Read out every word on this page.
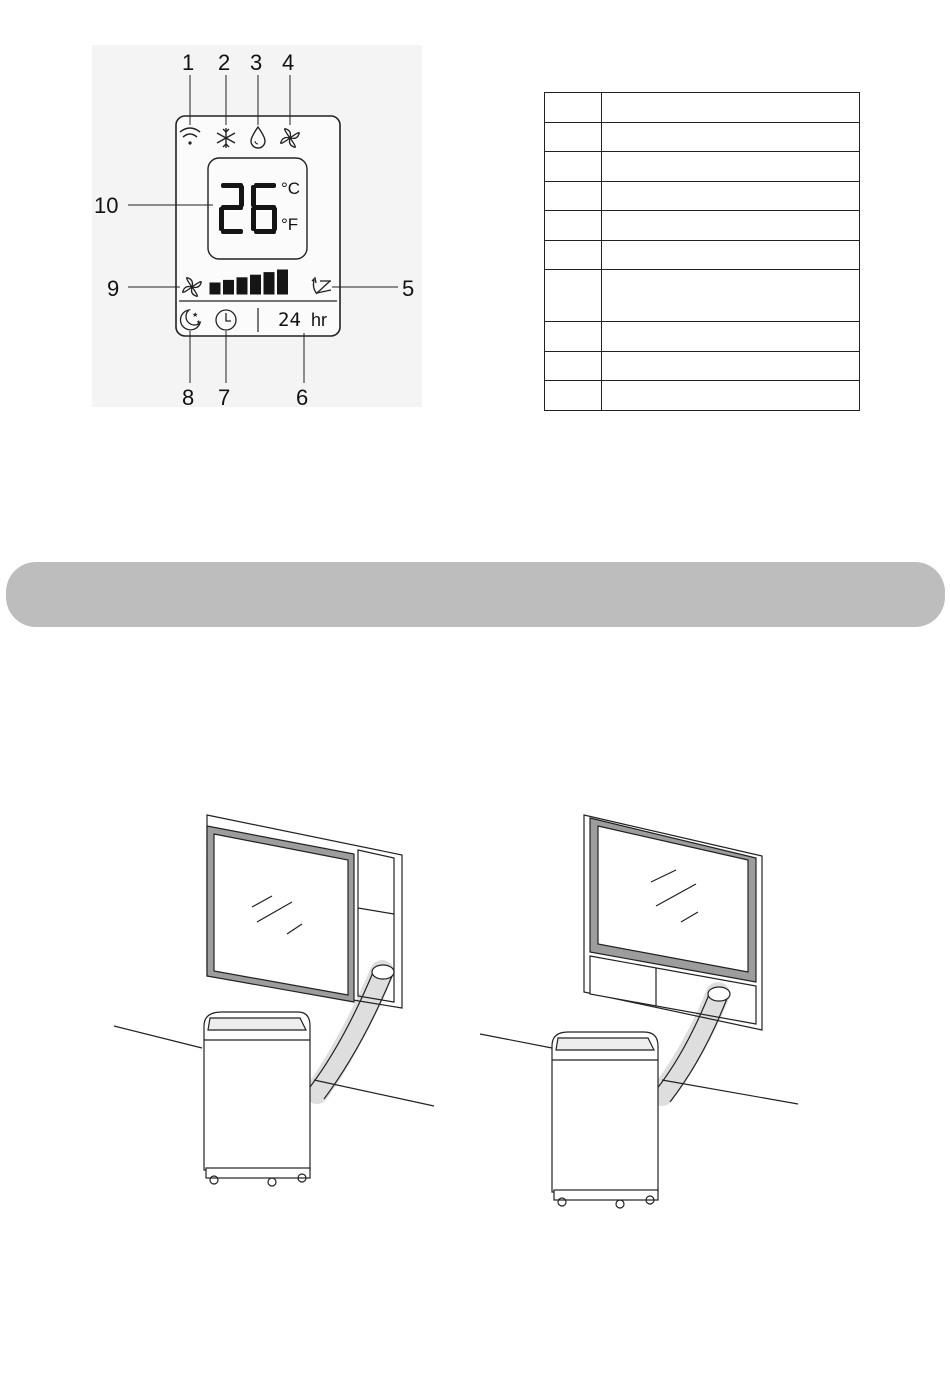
★
★
1 2 3 4
5
6
7
8
9
10
°C
°F
24 hr
